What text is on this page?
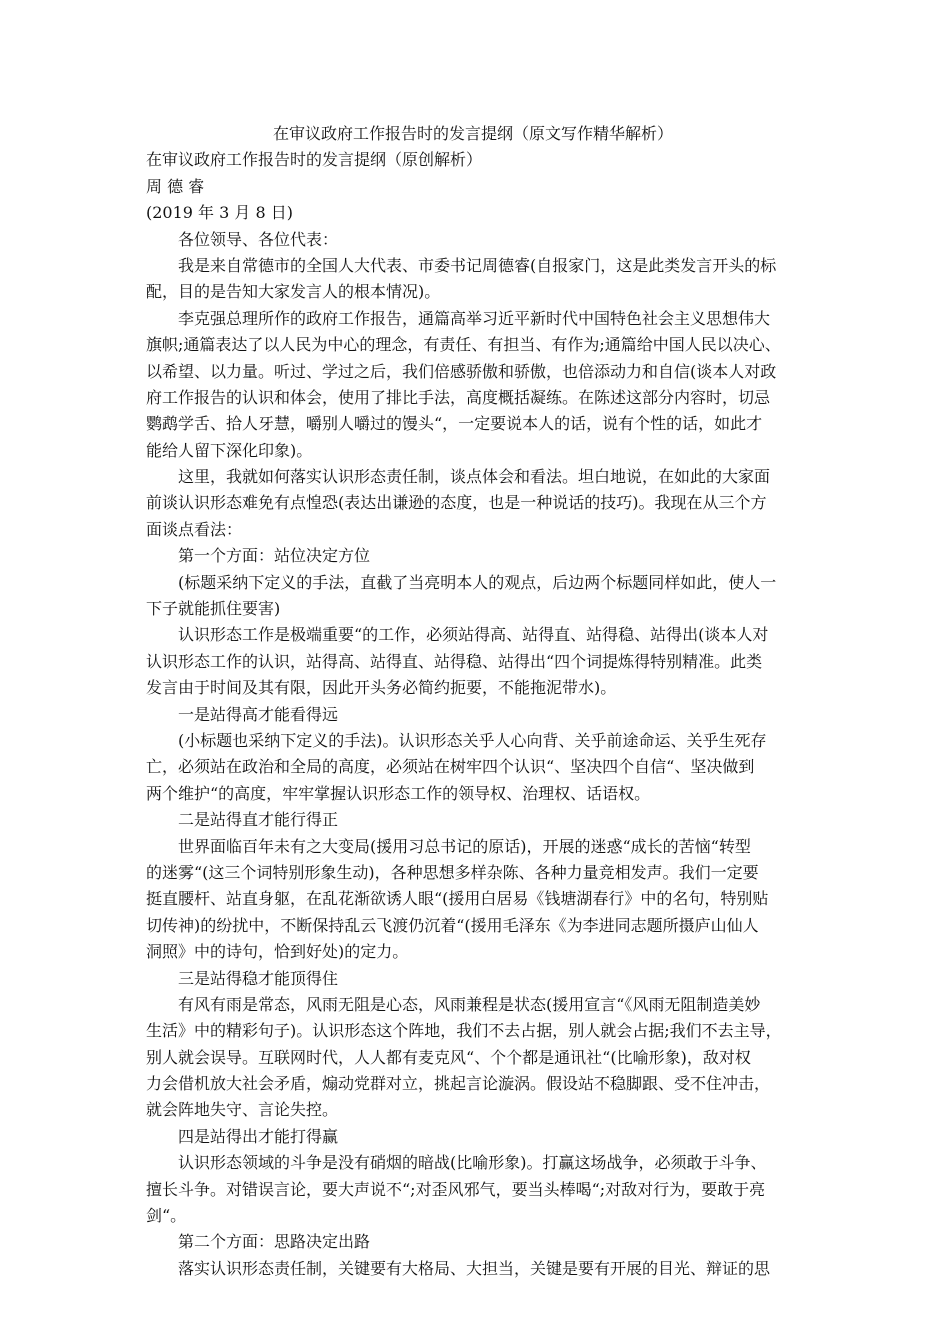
在审议政府工作报告时的发言提纲（原文写作精华解析）
在审议政府工作报告时的发言提纲（原创解析）
周 德 睿
(2019 年 3 月 8 日)
　　各位领导、各位代表：
　　我是来自常德市的全国人大代表、市委书记周德睿(自报家门，这是此类发言开头的标
配，目的是告知大家发言人的根本情况)。
　　李克强总理所作的政府工作报告，通篇高举习近平新时代中国特色社会主义思想伟大
旗帜;通篇表达了以人民为中心的理念，有责任、有担当、有作为;通篇给中国人民以决心、
以希望、以力量。听过、学过之后，我们倍感骄傲和骄傲，也倍添动力和自信(谈本人对政
府工作报告的认识和体会，使用了排比手法，高度概括凝练。在陈述这部分内容时，切忌
鹦鹉学舌、拾人牙慧，嚼别人嚼过的馒头“，一定要说本人的话，说有个性的话，如此才
能给人留下深化印象)。
　　这里，我就如何落实认识形态责任制，谈点体会和看法。坦白地说，在如此的大家面
前谈认识形态难免有点惶恐(表达出谦逊的态度，也是一种说话的技巧)。我现在从三个方
面谈点看法：
　　第一个方面：站位决定方位
　　(标题采纳下定义的手法，直截了当亮明本人的观点，后边两个标题同样如此，使人一
下子就能抓住要害)
　　认识形态工作是极端重要“的工作，必须站得高、站得直、站得稳、站得出(谈本人对
认识形态工作的认识，站得高、站得直、站得稳、站得出“四个词提炼得特别精准。此类
发言由于时间及其有限，因此开头务必简约扼要，不能拖泥带水)。
　　一是站得高才能看得远
　　(小标题也采纳下定义的手法)。认识形态关乎人心向背、关乎前途命运、关乎生死存
亡，必须站在政治和全局的高度，必须站在树牢四个认识“、坚决四个自信“、坚决做到
两个维护“的高度，牢牢掌握认识形态工作的领导权、治理权、话语权。
　　二是站得直才能行得正
　　世界面临百年未有之大变局(援用习总书记的原话)，开展的迷惑“成长的苦恼“转型
的迷雾“(这三个词特别形象生动)，各种思想多样杂陈、各种力量竞相发声。我们一定要
挺直腰杆、站直身躯，在乱花渐欲诱人眼“(援用白居易《钱塘湖春行》中的名句，特别贴
切传神)的纷扰中，不断保持乱云飞渡仍沉着“(援用毛泽东《为李进同志题所摄庐山仙人
洞照》中的诗句，恰到好处)的定力。
　　三是站得稳才能顶得住
　　有风有雨是常态，风雨无阻是心态，风雨兼程是状态(援用宣言“《风雨无阻制造美妙
生活》中的精彩句子)。认识形态这个阵地，我们不去占据，别人就会占据;我们不去主导，
别人就会误导。互联网时代，人人都有麦克风“、个个都是通讯社“(比喻形象)，敌对权
力会借机放大社会矛盾，煽动党群对立，挑起言论漩涡。假设站不稳脚跟、受不住冲击，
就会阵地失守、言论失控。
　　四是站得出才能打得赢
　　认识形态领域的斗争是没有硝烟的暗战(比喻形象)。打赢这场战争，必须敢于斗争、
擅长斗争。对错误言论，要大声说不“;对歪风邪气，要当头棒喝“;对敌对行为，要敢于亮
剑“。
　　第二个方面：思路决定出路
　　落实认识形态责任制，关键要有大格局、大担当，关键是要有开展的目光、辩证的思
